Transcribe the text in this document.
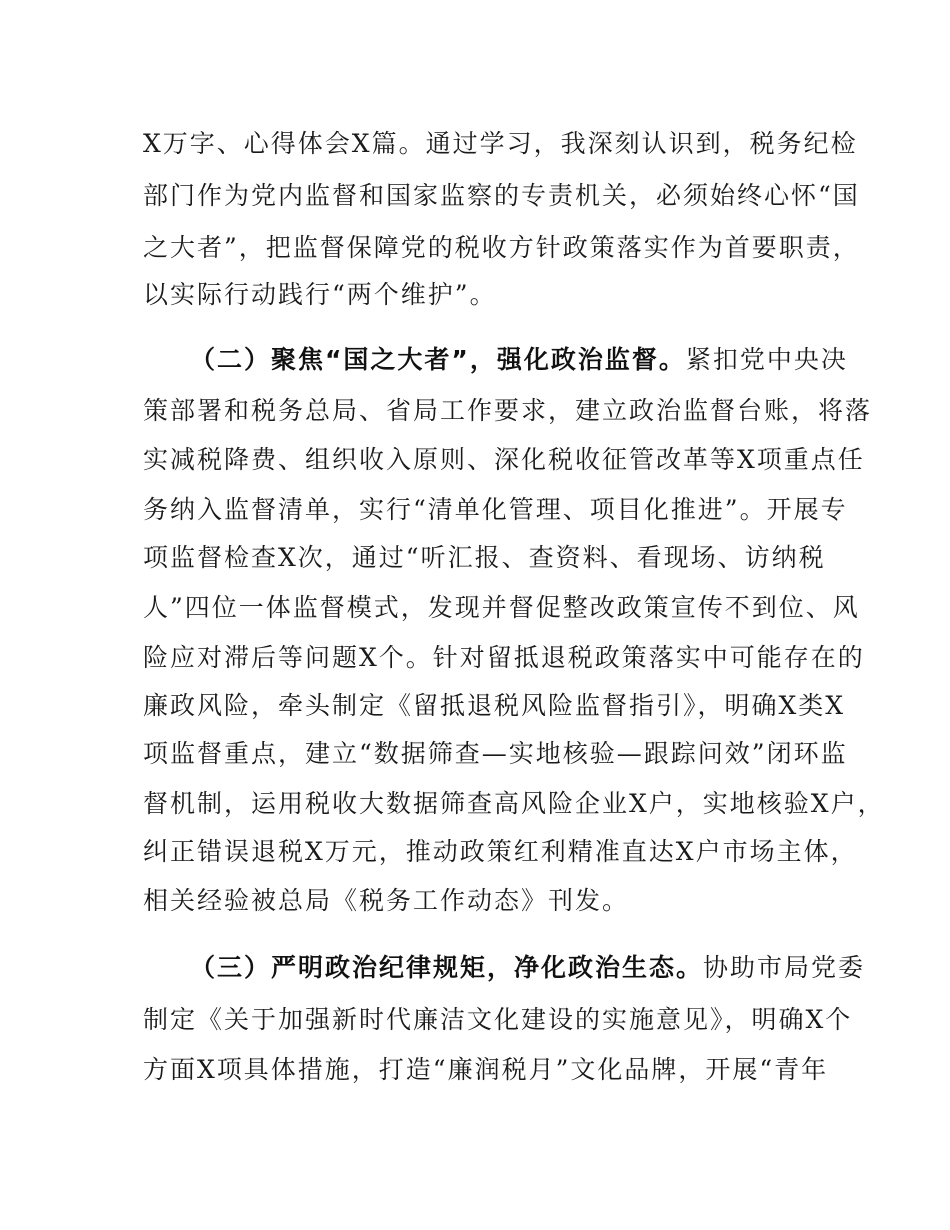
X万字、心得体会X篇。通过学习，我深刻认识到，税务纪检
部门作为党内监督和国家监察的专责机关，必须始终心怀“国
之大者”，把监督保障党的税收方针政策落实作为首要职责，
以实际行动践行“两个维护”。
（二）聚焦“国之大者”，强化政治监督。紧扣党中央决
策部署和税务总局、省局工作要求，建立政治监督台账，将落
实减税降费、组织收入原则、深化税收征管改革等X项重点任
务纳入监督清单，实行“清单化管理、项目化推进”。开展专
项监督检查X次，通过“听汇报、查资料、看现场、访纳税
人”四位一体监督模式，发现并督促整改政策宣传不到位、风
险应对滞后等问题X个。针对留抵退税政策落实中可能存在的
廉政风险，牵头制定《留抵退税风险监督指引》，明确X类X
项监督重点，建立“数据筛查—实地核验—跟踪问效”闭环监
督机制，运用税收大数据筛查高风险企业X户，实地核验X户，
纠正错误退税X万元，推动政策红利精准直达X户市场主体，
相关经验被总局《税务工作动态》刊发。
（三）严明政治纪律规矩，净化政治生态。协助市局党委
制定《关于加强新时代廉洁文化建设的实施意见》，明确X个
方面X项具体措施，打造“廉润税月”文化品牌，开展“青年
